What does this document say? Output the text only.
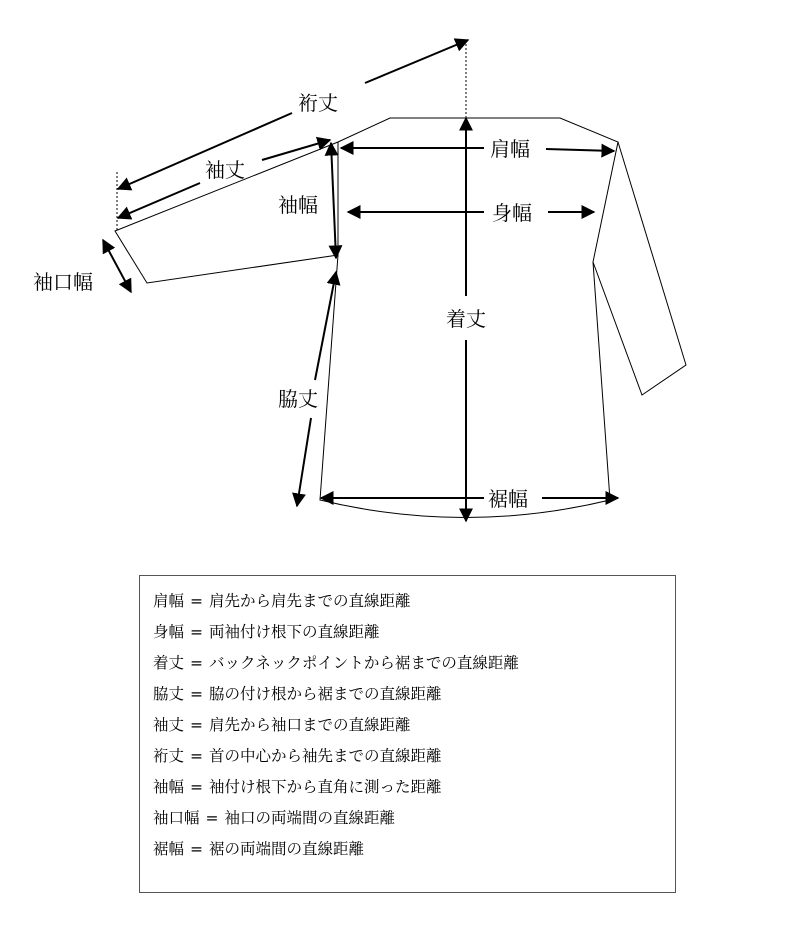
裄丈
袖丈
袖幅
袖口幅
肩幅
身幅
着丈
脇丈
裾幅
肩幅 = 肩先から肩先までの直線距離
身幅 = 両袖付け根下の直線距離
着丈 = バックネックポイントから裾までの直線距離
脇丈 = 脇の付け根から裾までの直線距離
袖丈 = 肩先から袖口までの直線距離
裄丈 = 首の中心から袖先までの直線距離
袖幅 = 袖付け根下から直角に測った距離
袖口幅 = 袖口の両端間の直線距離
裾幅 = 裾の両端間の直線距離
